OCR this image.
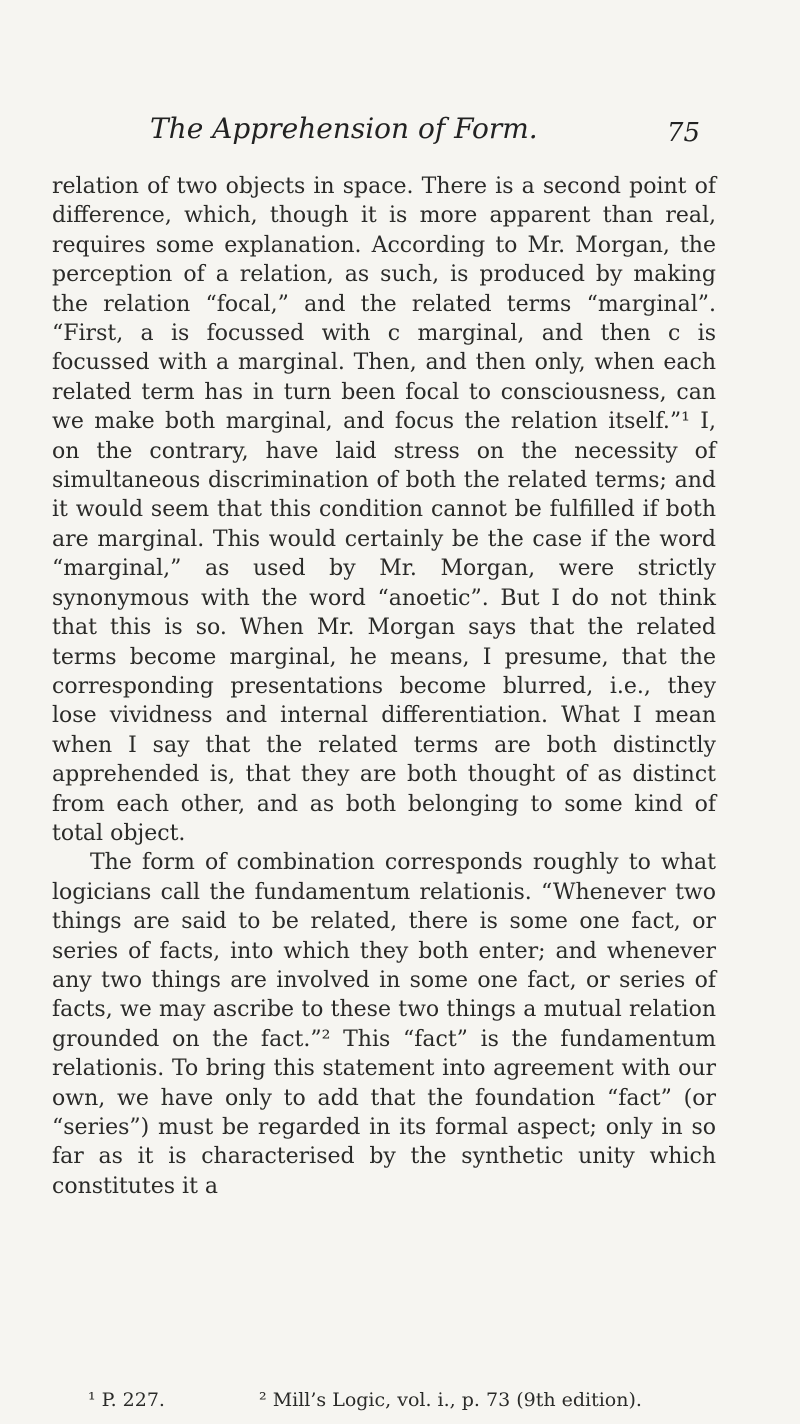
The Apprehension of Form.	75

relation of two objects in space. There is a second point of difference, which, though it is more apparent than real, requires some explanation. According to Mr. Morgan, the perception of a relation, as such, is produced by making the relation “focal,” and the related terms “marginal”. “First, a is focussed with c marginal, and then c is focussed with a marginal. Then, and then only, when each related term has in turn been focal to consciousness, can we make both marginal, and focus the relation itself.”¹ I, on the contrary, have laid stress on the necessity of simultaneous discrimination of both the related terms; and it would seem that this condition cannot be fulfilled if both are marginal. This would certainly be the case if the word “marginal,” as used by Mr. Morgan, were strictly synonymous with the word “anoetic”. But I do not think that this is so. When Mr. Morgan says that the related terms become marginal, he means, I presume, that the corresponding presentations become blurred, i.e., they lose vividness and internal differentiation. What I mean when I say that the related terms are both distinctly apprehended is, that they are both thought of as distinct from each other, and as both belonging to some kind of total object.

The form of combination corresponds roughly to what logicians call the fundamentum relationis. “Whenever two things are said to be related, there is some one fact, or series of facts, into which they both enter; and whenever any two things are involved in some one fact, or series of facts, we may ascribe to these two things a mutual relation grounded on the fact.”² This “fact” is the fundamentum relationis. To bring this statement into agreement with our own, we have only to add that the foundation “fact” (or “series”) must be regarded in its formal aspect; only in so far as it is characterised by the synthetic unity which constitutes it a

¹ P. 227.	² Mill’s Logic, vol. i., p. 73 (9th edition).
